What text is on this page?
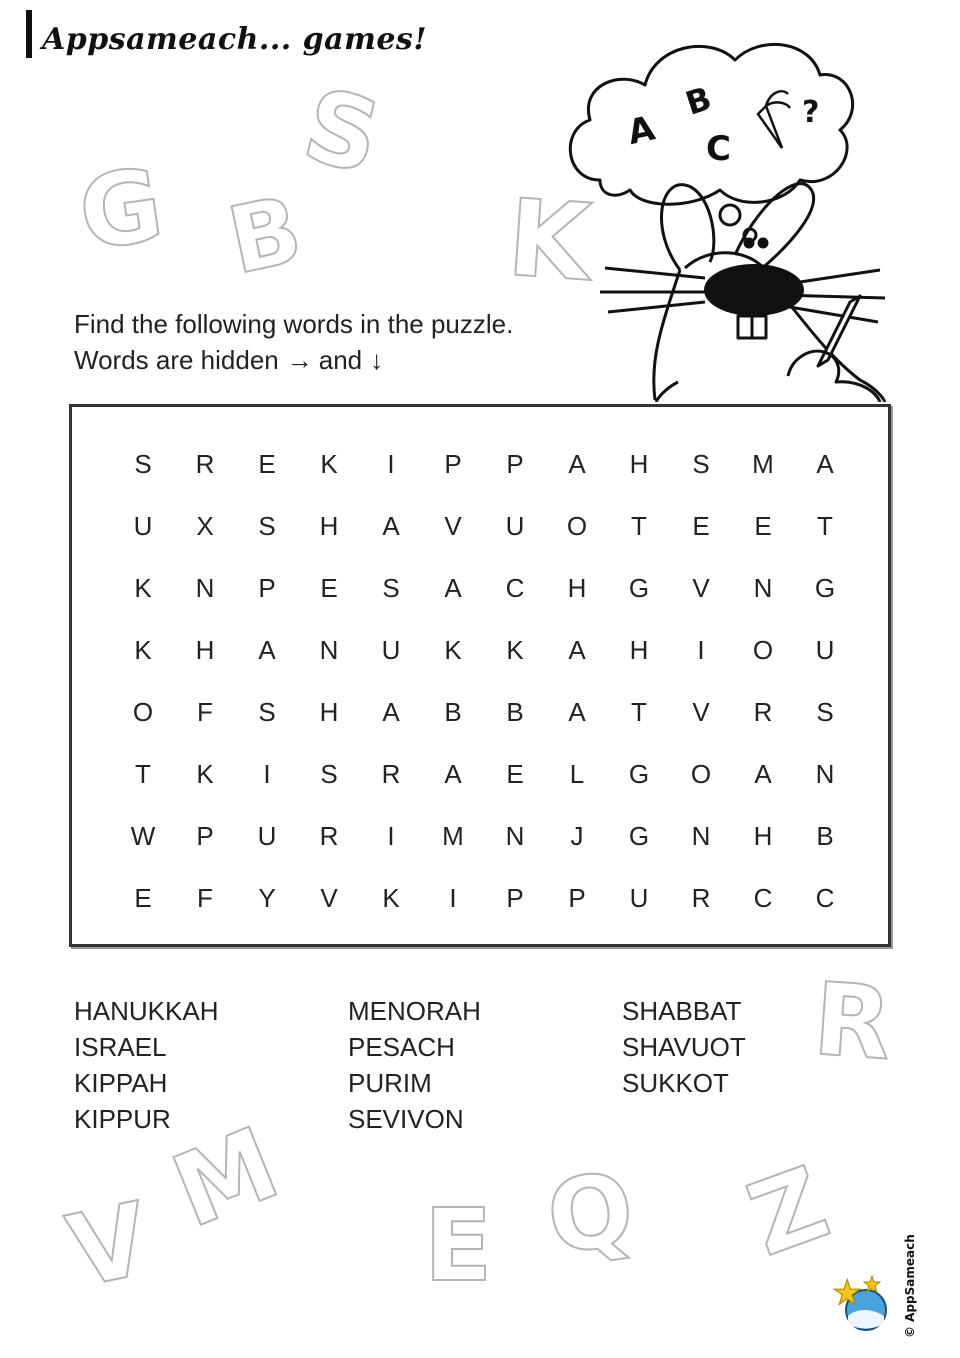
Appsameach... games!
S
G B K
R
V
M E Q Z
A
B
C
?
Find the following words in the puzzle.
Words are hidden → and ↓
S	R	E	K	I	P	P	A	H	S	M	A
U	X	S	H	A	V	U	O	T	E	E	T
K	N	P	E	S	A	C	H	G	V	N	G
K	H	A	N	U	K	K	A	H	I	O	U
O	F	S	H	A	B	B	A	T	V	R	S
T	K	I	S	R	A	E	L	G	O	A	N
W	P	U	R	I	M	N	J	G	N	H	B
E	F	Y	V	K	I	P	P	U	R	C	C
HANUKKAH
ISRAEL
KIPPAH
KIPPUR
MENORAH
PESACH
PURIM
SEVIVON
SHABBAT
SHAVUOT
SUKKOT
© AppSameach
